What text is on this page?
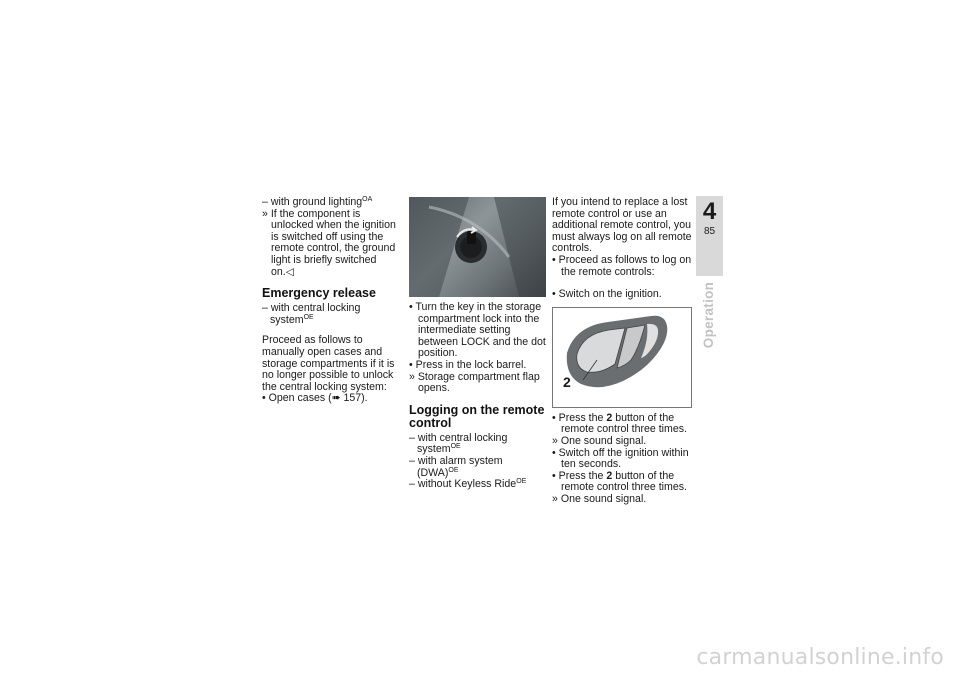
– with ground lighting$^{OA}$

» If the component is unlocked when the ignition is switched off using the remote control, the ground light is briefly switched on.◁

Emergency release

– with central locking system$^{OE}$

Proceed as follows to manually open cases and storage compartments if it is no longer possible to unlock the central locking system:

• Open cases (➠ 157).

• Turn the key in the storage compartment lock into the intermediate setting between LOCK and the dot position.

• Press in the lock barrel.

» Storage compartment flap opens.

Logging on the remote control

– with central locking system$^{OE}$

– with alarm system (DWA)$^{OE}$

– without Keyless Ride$^{OE}$

If you intend to replace a lost remote control or use an additional remote control, you must always log on all remote controls.

• Proceed as follows to log on the remote controls:

• Switch on the ignition.

2

• Press the 2 button of the remote control three times.

» One sound signal.

• Switch off the ignition within ten seconds.

• Press the 2 button of the remote control three times.

» One sound signal.

4
85
Operation
carmanualsonline.info
